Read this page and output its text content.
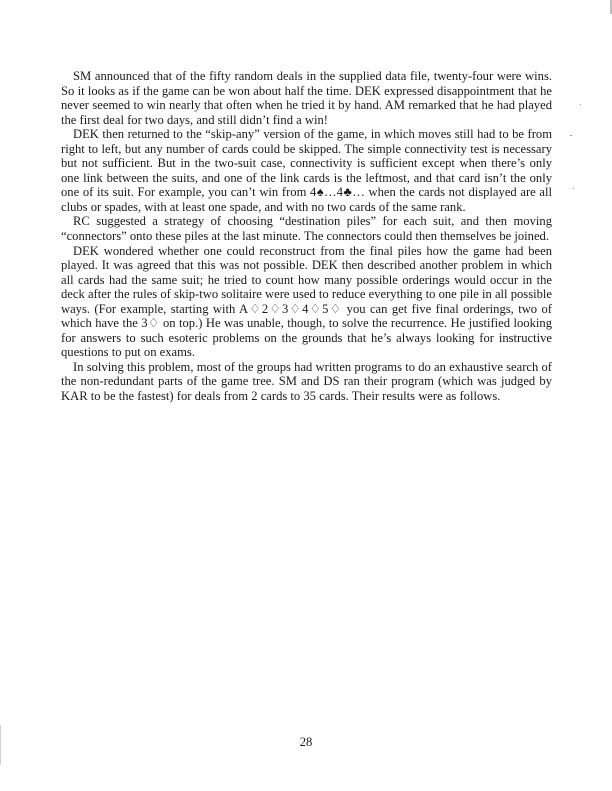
SM announced that of the fifty random deals in the supplied data file, twenty-four were wins. So it looks as if the game can be won about half the time. DEK expressed disappointment that he never seemed to win nearly that often when he tried it by hand. AM remarked that he had played the first deal for two days, and still didn’t find a win!

DEK then returned to the “skip-any” version of the game, in which moves still had to be from right to left, but any number of cards could be skipped. The simple connectivity test is necessary but not sufficient. But in the two-suit case, connectivity is sufficient except when there’s only one link between the suits, and one of the link cards is the leftmost, and that card isn’t the only one of its suit. For example, you can’t win from 4♠…4♣… when the cards not displayed are all clubs or spades, with at least one spade, and with no two cards of the same rank.

RC suggested a strategy of choosing “destination piles” for each suit, and then moving “connectors” onto these piles at the last minute. The connectors could then themselves be joined.

DEK wondered whether one could reconstruct from the final piles how the game had been played. It was agreed that this was not possible. DEK then described another problem in which all cards had the same suit; he tried to count how many possible orderings would occur in the deck after the rules of skip-two solitaire were used to reduce everything to one pile in all possible ways. (For example, starting with A♢2♢3♢4♢5♢ you can get five final orderings, two of which have the 3♢ on top.) He was unable, though, to solve the recurrence. He justified looking for answers to such esoteric problems on the grounds that he’s always looking for instructive questions to put on exams.

In solving this problem, most of the groups had written programs to do an exhaustive search of the non-redundant parts of the game tree. SM and DS ran their program (which was judged by KAR to be the fastest) for deals from 2 cards to 35 cards. Their results were as follows.

28
